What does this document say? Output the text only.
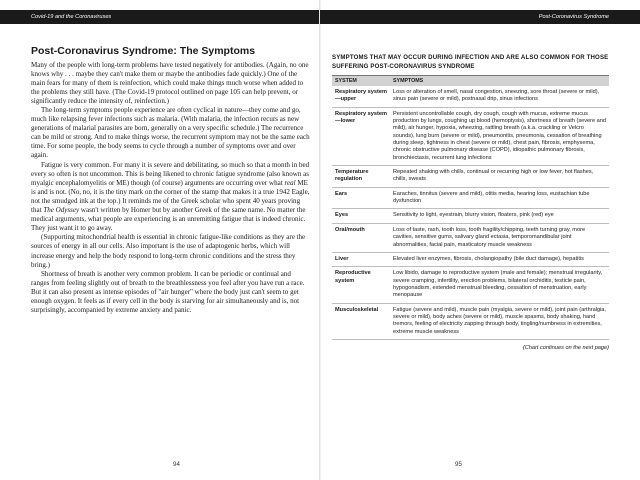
Covid-19 and the Coronaviruses
Post-Coronavirus Syndrome: The Symptoms

Many of the people with long-term problems have tested negatively for antibodies. (Again, no one knows why . . . maybe they can't make them or maybe the antibodies fade quickly.) One of the main fears for many of them is reinfection, which could make things much worse when added to the problems they still have. (The Covid-19 protocol outlined on page 105 can help prevent, or significantly reduce the intensity of, reinfection.)

The long-term symptoms people experience are often cyclical in nature—they come and go, much like relapsing fever infections such as malaria. (With malaria, the infection recurs as new generations of malarial parasites are born, generally on a very specific schedule.) The recurrence can be mild or strong. And to make things worse, the recurrent symptom may not be the same each time. For some people, the body seems to cycle through a number of symptoms over and over again.

Fatigue is very common. For many it is severe and debilitating, so much so that a month in bed every so often is not uncommon. This is being likened to chronic fatigue syndrome (also known as myalgic encephalomyelitis or ME) though (of course) arguments are occurring over what real ME is and is not. (No, no, it is the tiny mark on the corner of the stamp that makes it a true 1942 Eagle, not the smudged ink at the top.) It reminds me of the Greek scholar who spent 40 years proving that The Odyssey wasn't written by Homer but by another Greek of the same name. No matter the medical arguments, what people are experiencing is an unremitting fatigue that is indeed chronic. They just want it to go away.

(Supporting mitochondrial health is essential in chronic fatigue-like conditions as they are the sources of energy in all our cells. Also important is the use of adaptogenic herbs, which will increase energy and help the body respond to long-term chronic conditions and the stress they bring.)

Shortness of breath is another very common problem. It can be periodic or continual and ranges from feeling slightly out of breath to the breathlessness you feel after you have run a race. But it can also present as intense episodes of "air hunger" where the body just can't seem to get enough oxygen. It feels as if every cell in the body is starving for air simultaneously and is, not surprisingly, accompanied by extreme anxiety and panic.

94
Post-Coronavirus Syndrome
SYMPTOMS THAT MAY OCCUR DURING INFECTION AND ARE ALSO COMMON FOR THOSE SUFFERING POST-CORONAVIRUS SYNDROME
SYSTEM	SYMPTOMS
Respiratory system—upper	Loss or alteration of smell, nasal congestion, sneezing, sore throat (severe or mild), sinus pain (severe or mild), postnasal drip, sinus infections
Respiratory system—lower	Persistent uncontrollable cough, dry cough, cough with mucus, extreme mucus production by lungs, coughing up blood (hemoptysis), shortness of breath (severe and mild), air hunger, hypoxia, wheezing, rattling breath (a.k.a. crackling or Velcro sounds), lung burn (severe or mild), pneumonitis, pneumonia, cessation of breathing during sleep, tightness in chest (severe or mild), chest pain, fibrosis, emphysema, chronic obstructive pulmonary disease (COPD), idiopathic pulmonary fibrosis, bronchiectasis, recurrent lung infections
Temperature regulation	Repeated shaking with chills, continual or recurring high or low fever, hot flashes, chills, sweats
Ears	Earaches, tinnitus (severe and mild), otitis media, hearing loss, eustachian tube dysfunction
Eyes	Sensitivity to light, eyestrain, blurry vision, floaters, pink (red) eye
Oral/mouth	Loss of taste, rash, tooth loss, tooth fragility/chipping, teeth turning gray, more cavities, sensitive gums, salivary gland ectasia, temporomandibular joint abnormalities, facial pain, masticatory muscle weakness
Liver	Elevated liver enzymes, fibrosis, cholangiopathy (bile duct damage), hepatitis
Reproductive system	Low libido, damage to reproductive system (male and female); menstrual irregularity, severe cramping, infertility, erection problems, bilateral orchiditis, testicle pain, hypogonadism, extended menstrual bleeding, cessation of menstruation, early menopause
Musculoskeletal	Fatigue (severe and mild), muscle pain (myalgia, severe or mild), joint pain (arthralgia, severe or mild), body aches (severe or mild), muscle spasms, body shaking, hand tremors, feeling of electricity zapping through body, tingling/numbness in extremities, extreme muscle weakness
(Chart continues on the next page)
95
